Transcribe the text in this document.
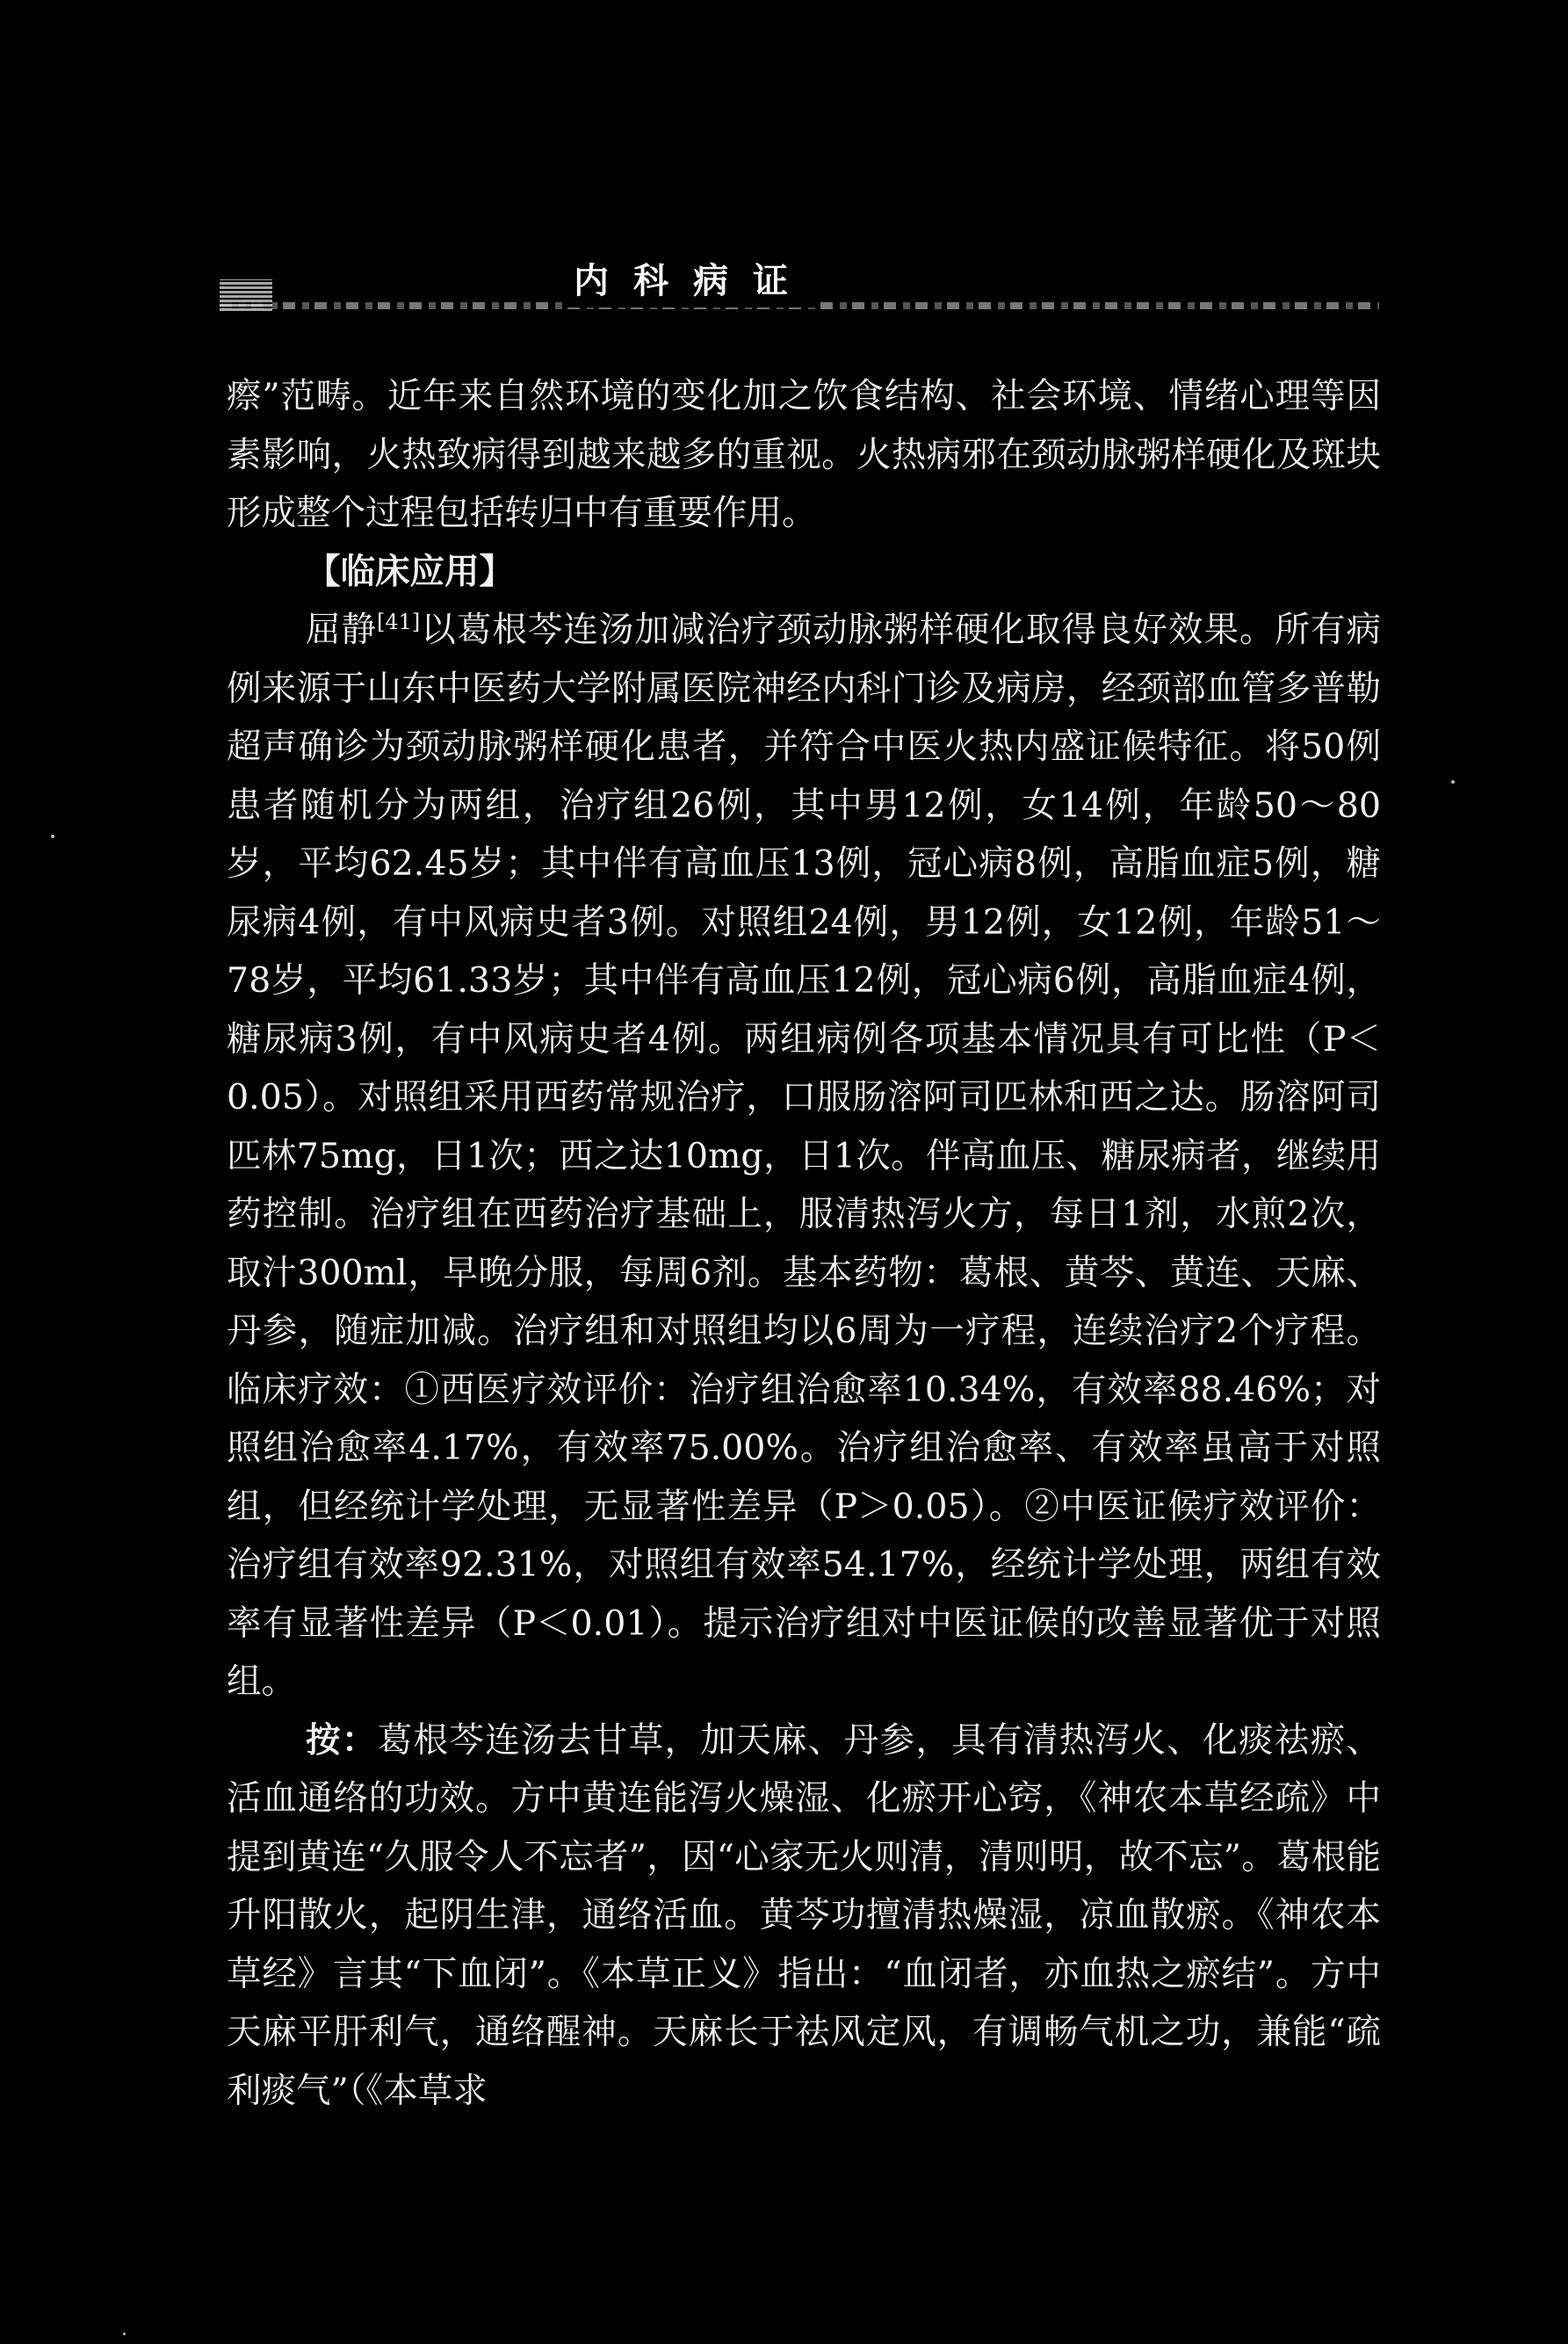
内科病证

瘵”范畴。近年来自然环境的变化加之饮食结构、社会环境、情绪心理等因素影响，火热致病得到越来越多的重视。火热病邪在颈动脉粥样硬化及斑块形成整个过程包括转归中有重要作用。

【临床应用】

屈静[41]以葛根芩连汤加减治疗颈动脉粥样硬化取得良好效果。所有病例来源于山东中医药大学附属医院神经内科门诊及病房，经颈部血管多普勒超声确诊为颈动脉粥样硬化患者，并符合中医火热内盛证候特征。将50例患者随机分为两组，治疗组26例，其中男12例，女14例，年龄50～80岁，平均62.45岁；其中伴有高血压13例，冠心病8例，高脂血症5例，糖尿病4例，有中风病史者3例。对照组24例，男12例，女12例，年龄51～78岁，平均61.33岁；其中伴有高血压12例，冠心病6例，高脂血症4例，糖尿病3例，有中风病史者4例。两组病例各项基本情况具有可比性（P＜0.05）。对照组采用西药常规治疗，口服肠溶阿司匹林和西之达。肠溶阿司匹林75mg，日1次；西之达10mg，日1次。伴高血压、糖尿病者，继续用药控制。治疗组在西药治疗基础上，服清热泻火方，每日1剂，水煎2次，取汁300ml，早晚分服，每周6剂。基本药物：葛根、黄芩、黄连、天麻、丹参，随症加减。治疗组和对照组均以6周为一疗程，连续治疗2个疗程。临床疗效：①西医疗效评价：治疗组治愈率10.34%，有效率88.46%；对照组治愈率4.17%，有效率75.00%。治疗组治愈率、有效率虽高于对照组，但经统计学处理，无显著性差异（P＞0.05）。②中医证候疗效评价：治疗组有效率92.31%，对照组有效率54.17%，经统计学处理，两组有效率有显著性差异（P＜0.01）。提示治疗组对中医证候的改善显著优于对照组。

按：葛根芩连汤去甘草，加天麻、丹参，具有清热泻火、化痰祛瘀、活血通络的功效。方中黄连能泻火燥湿、化瘀开心窍，《神农本草经疏》中提到黄连“久服令人不忘者”，因“心家无火则清，清则明，故不忘”。葛根能升阳散火，起阴生津，通络活血。黄芩功擅清热燥湿，凉血散瘀。《神农本草经》言其“下血闭”。《本草正义》指出：“血闭者，亦血热之瘀结”。方中天麻平肝利气，通络醒神。天麻长于祛风定风，有调畅气机之功，兼能“疏利痰气”（《本草求
